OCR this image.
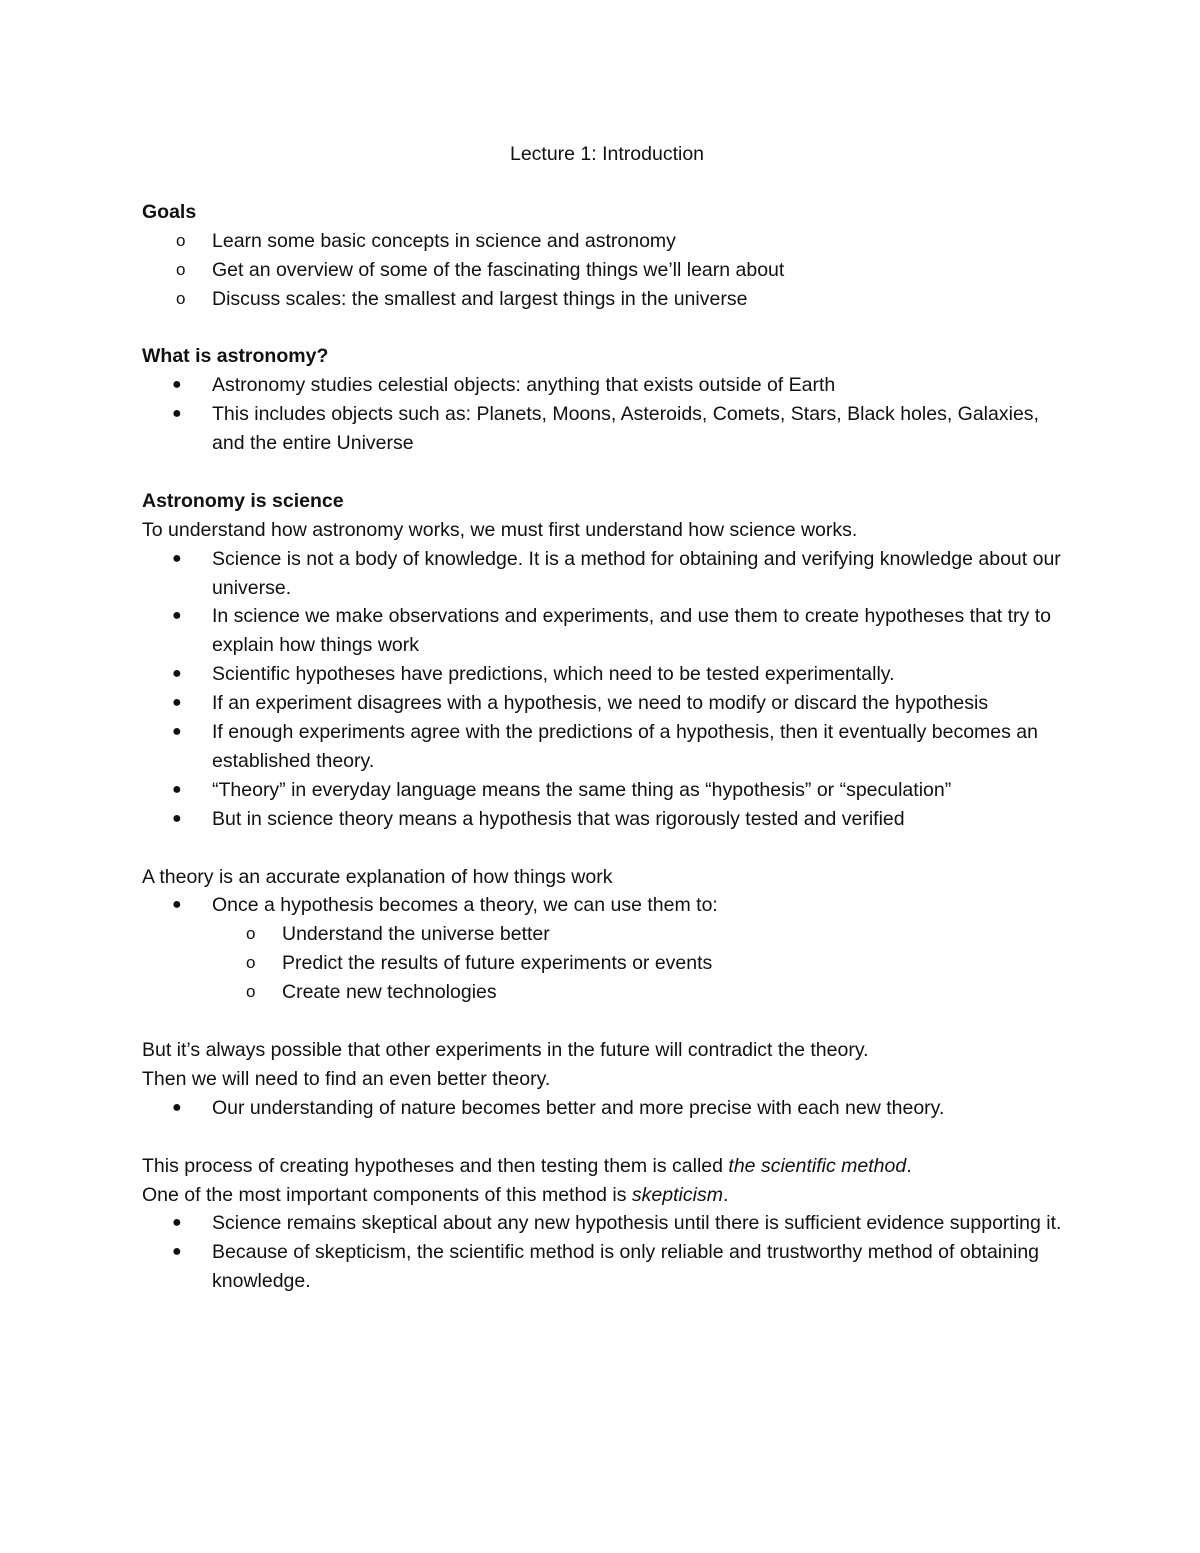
Lecture 1: Introduction

Goals

o Learn some basic concepts in science and astronomy
o Get an overview of some of the fascinating things we’ll learn about
o Discuss scales: the smallest and largest things in the universe

What is astronomy?

● Astronomy studies celestial objects: anything that exists outside of Earth
● This includes objects such as: Planets, Moons, Asteroids, Comets, Stars, Black holes, Galaxies, and the entire Universe

Astronomy is science

To understand how astronomy works, we must first understand how science works.

● Science is not a body of knowledge. It is a method for obtaining and verifying knowledge about our universe.
● In science we make observations and experiments, and use them to create hypotheses that try to explain how things work
● Scientific hypotheses have predictions, which need to be tested experimentally.
● If an experiment disagrees with a hypothesis, we need to modify or discard the hypothesis
● If enough experiments agree with the predictions of a hypothesis, then it eventually becomes an established theory.
● “Theory” in everyday language means the same thing as “hypothesis” or “speculation”
● But in science theory means a hypothesis that was rigorously tested and verified

A theory is an accurate explanation of how things work

● Once a hypothesis becomes a theory, we can use them to:
o Understand the universe better
o Predict the results of future experiments or events
o Create new technologies

But it’s always possible that other experiments in the future will contradict the theory.

Then we will need to find an even better theory.

● Our understanding of nature becomes better and more precise with each new theory.

This process of creating hypotheses and then testing them is called the scientific method.

One of the most important components of this method is skepticism.

● Science remains skeptical about any new hypothesis until there is sufficient evidence supporting it.
● Because of skepticism, the scientific method is only reliable and trustworthy method of obtaining knowledge.
